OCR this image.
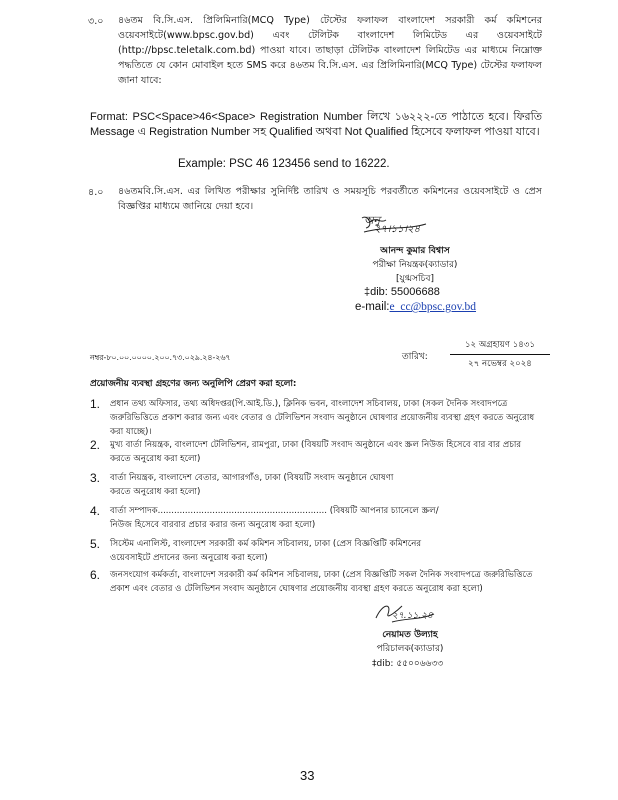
৩.০ ৪৬তম বি.সি.এস. প্রিলিমিনারি(MCQ Type) টেস্টের ফলাফল বাংলাদেশ সরকারী কর্ম কমিশনের ওয়েবসাইটে(www.bpsc.gov.bd) এবং টেলিটক বাংলাদেশ লিমিটেড এর ওয়েবসাইটে (http://bpsc.teletalk.com.bd) পাওয়া যাবে। তাছাড়া টেলিটক বাংলাদেশ লিমিটেড এর মাধ্যমে নিম্নোক্ত পদ্ধতিতে যে কোন মোবাইল হতে SMS করে ৪৬তম বি.সি.এস. এর প্রিলিমিনারি(MCQ Type) টেস্টের ফলাফল জানা যাবে:
Format: PSC<Space>46<Space> Registration Number লিখে ১৬২২২-তে পাঠাতে হবে। ফিরতি Message এ Registration Number সহ Qualified অথবা Not Qualified হিসেবে ফলাফল পাওয়া যাবে।
Example: PSC 46 123456 send to 16222.
৪.০ ৪৬তমবি.সি.এস. এর লিখিত পরীক্ষার সুনির্দিষ্ট তারিখ ও সময়সূচি পরবর্তীতে কমিশনের ওয়েবসাইটে ও প্রেস বিজ্ঞপ্তির মাধ্যমে জানিয়ে দেয়া হবে।
অনু
২৭।১১।২৪
আনন্দ কুমার বিশ্বাস
পরীক্ষা নিয়ন্ত্রক(ক্যাডার)
[যুগ্মসচিব]
‡dib: 55006688
e-mail:e_cc@bpsc.gov.bd
নম্বর-৮০.০০.০০০০.২০০.৭৩.০২৯.২৪-২৬৭	তারিখ:
১২ অগ্রহায়ণ ১৪৩১
২৭ নভেম্বর ২০২৪
প্রয়োজনীয় ব্যবস্থা গ্রহণের জন্য অনুলিপি প্রেরণ করা হলো:
1. প্রধান তথ্য অফিসার, তথ্য অধিদপ্তর(পি.আই.ডি.), ক্লিনিক ভবন, বাংলাদেশ সচিবালয়, ঢাকা (সকল দৈনিক সংবাদপত্রে জরুরিভিত্তিতে প্রকাশ করার জন্য এবং বেতার ও টেলিভিশন সংবাদ অনুষ্ঠানে ঘোষণার প্রয়োজনীয় ব্যবস্থা গ্রহণ করতে অনুরোধ করা যাচ্ছে)।
2. মুখ্য বার্তা নিয়ন্ত্রক, বাংলাদেশ টেলিভিশন, রামপুরা, ঢাকা (বিষয়টি সংবাদ অনুষ্ঠানে এবং স্ক্রল নিউজ হিসেবে বার বার প্রচার করতে অনুরোধ করা হলো)
3. বার্তা নিয়ন্ত্রক, বাংলাদেশ বেতার, আগারগাঁও, ঢাকা (বিষয়টি সংবাদ অনুষ্ঠানে ঘোষণা করতে অনুরোধ করা হলো)
4. বার্তা সম্পাদক.............................................................. (বিষয়টি আপনার চ্যানেলে স্ক্রল/নিউজ হিসেবে বারবার প্রচার করার জন্য অনুরোধ করা হলো)
5. সিস্টেম এনালিস্ট, বাংলাদেশ সরকারী কর্ম কমিশন সচিবালয়, ঢাকা (প্রেস বিজ্ঞপ্তিটি কমিশনের ওয়েবসাইটে প্রদানের জন্য অনুরোধ করা হলো)
6. জনসংযোগ কর্মকর্তা, বাংলাদেশ সরকারী কর্ম কমিশন সচিবালয়, ঢাকা (প্রেস বিজ্ঞপ্তিটি সকল দৈনিক সংবাদপত্রে জরুরিভিত্তিতে প্রকাশ এবং বেতার ও টেলিভিশন সংবাদ অনুষ্ঠানে ঘোষণার প্রয়োজনীয় ব্যবস্থা গ্রহণ করতে অনুরোধ করা হলো)
২৭.১১.২৪
নেয়ামত উল্যাহ
পরিচালক(ক্যাডার)
‡dib: ৫৫০০৬৬৩৩
33
